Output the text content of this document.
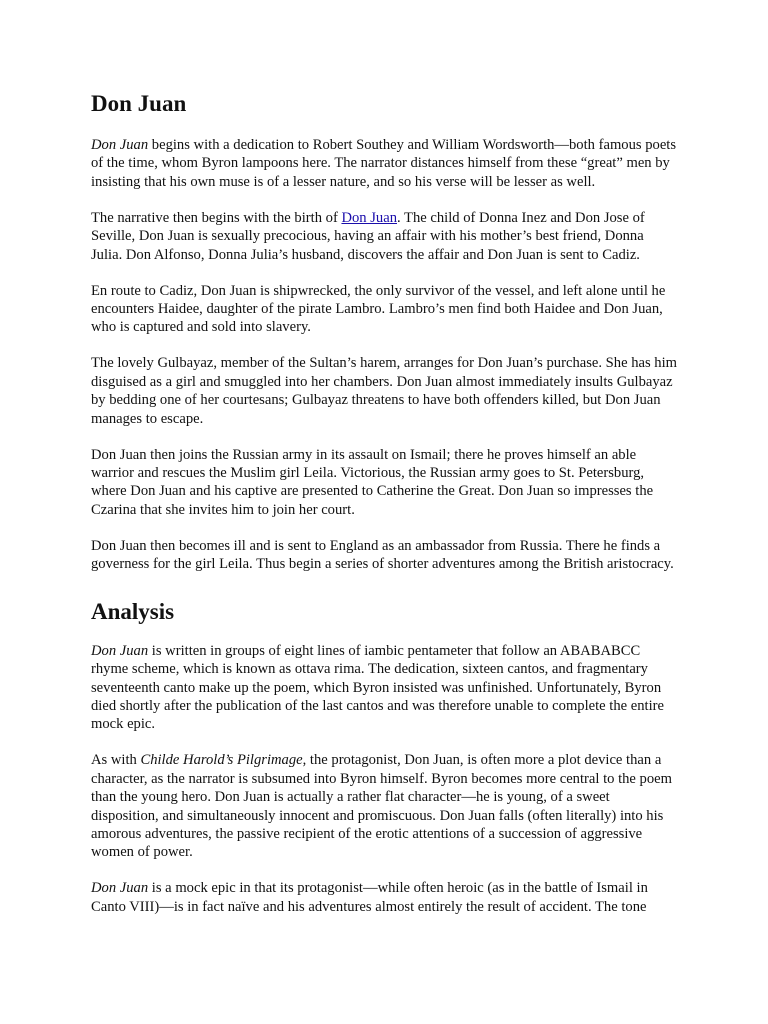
Don Juan

Don Juan begins with a dedication to Robert Southey and William Wordsworth—both famous poets of the time, whom Byron lampoons here. The narrator distances himself from these “great” men by insisting that his own muse is of a lesser nature, and so his verse will be lesser as well.

The narrative then begins with the birth of Don Juan. The child of Donna Inez and Don Jose of Seville, Don Juan is sexually precocious, having an affair with his mother’s best friend, Donna Julia. Don Alfonso, Donna Julia’s husband, discovers the affair and Don Juan is sent to Cadiz.

En route to Cadiz, Don Juan is shipwrecked, the only survivor of the vessel, and left alone until he encounters Haidee, daughter of the pirate Lambro. Lambro’s men find both Haidee and Don Juan, who is captured and sold into slavery.

The lovely Gulbayaz, member of the Sultan’s harem, arranges for Don Juan’s purchase. She has him disguised as a girl and smuggled into her chambers. Don Juan almost immediately insults Gulbayaz by bedding one of her courtesans; Gulbayaz threatens to have both offenders killed, but Don Juan manages to escape.

Don Juan then joins the Russian army in its assault on Ismail; there he proves himself an able warrior and rescues the Muslim girl Leila. Victorious, the Russian army goes to St. Petersburg, where Don Juan and his captive are presented to Catherine the Great. Don Juan so impresses the Czarina that she invites him to join her court.

Don Juan then becomes ill and is sent to England as an ambassador from Russia. There he finds a governess for the girl Leila. Thus begin a series of shorter adventures among the British aristocracy.

Analysis

Don Juan is written in groups of eight lines of iambic pentameter that follow an ABABABCC rhyme scheme, which is known as ottava rima. The dedication, sixteen cantos, and fragmentary seventeenth canto make up the poem, which Byron insisted was unfinished. Unfortunately, Byron died shortly after the publication of the last cantos and was therefore unable to complete the entire mock epic.

As with Childe Harold’s Pilgrimage, the protagonist, Don Juan, is often more a plot device than a character, as the narrator is subsumed into Byron himself. Byron becomes more central to the poem than the young hero. Don Juan is actually a rather flat character—he is young, of a sweet disposition, and simultaneously innocent and promiscuous. Don Juan falls (often literally) into his amorous adventures, the passive recipient of the erotic attentions of a succession of aggressive women of power.

Don Juan is a mock epic in that its protagonist—while often heroic (as in the battle of Ismail in Canto VIII)—is in fact naïve and his adventures almost entirely the result of accident. The tone
